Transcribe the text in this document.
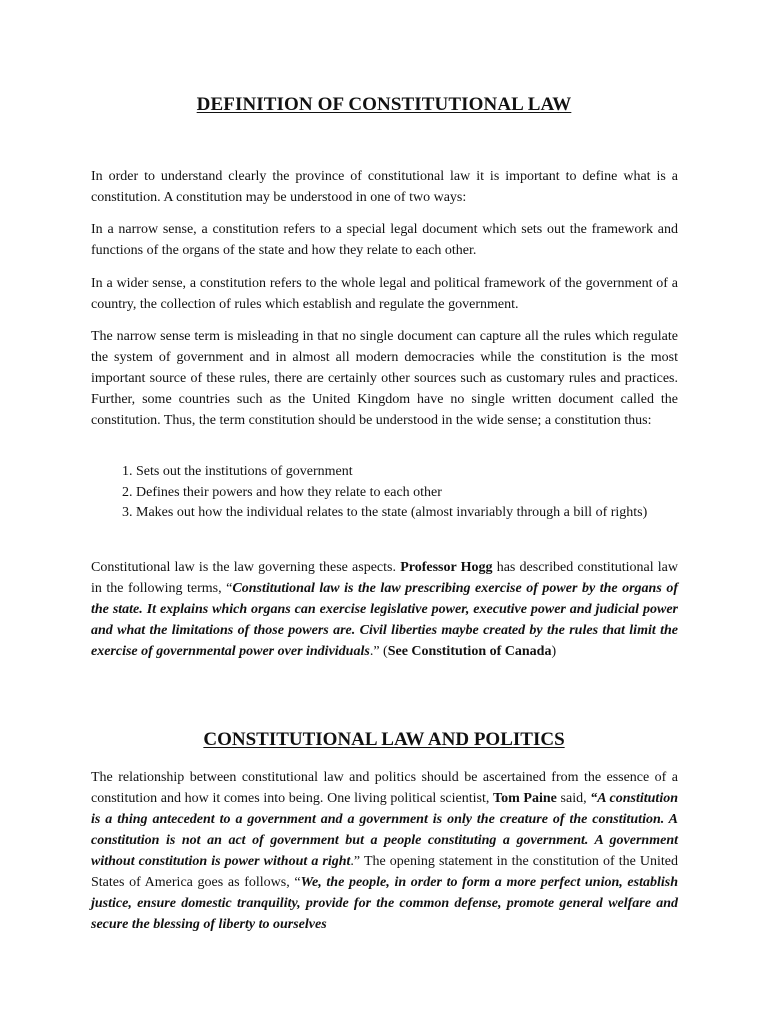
DEFINITION OF CONSTITUTIONAL LAW

In order to understand clearly the province of constitutional law it is important to define what is a constitution. A constitution may be understood in one of two ways:

In a narrow sense, a constitution refers to a special legal document which sets out the framework and functions of the organs of the state and how they relate to each other.

In a wider sense, a constitution refers to the whole legal and political framework of the government of a country, the collection of rules which establish and regulate the government.

The narrow sense term is misleading in that no single document can capture all the rules which regulate the system of government and in almost all modern democracies while the constitution is the most important source of these rules, there are certainly other sources such as customary rules and practices. Further, some countries such as the United Kingdom have no single written document called the constitution. Thus, the term constitution should be understood in the wide sense; a constitution thus:

1. Sets out the institutions of government
2. Defines their powers and how they relate to each other
3. Makes out how the individual relates to the state (almost invariably through a bill of rights)

Constitutional law is the law governing these aspects. Professor Hogg has described constitutional law in the following terms, “Constitutional law is the law prescribing exercise of power by the organs of the state. It explains which organs can exercise legislative power, executive power and judicial power and what the limitations of those powers are. Civil liberties maybe created by the rules that limit the exercise of governmental power over individuals.” (See Constitution of Canada)

CONSTITUTIONAL LAW AND POLITICS

The relationship between constitutional law and politics should be ascertained from the essence of a constitution and how it comes into being. One living political scientist, Tom Paine said, “A constitution is a thing antecedent to a government and a government is only the creature of the constitution. A constitution is not an act of government but a people constituting a government. A government without constitution is power without a right.” The opening statement in the constitution of the United States of America goes as follows, “We, the people, in order to form a more perfect union, establish justice, ensure domestic tranquility, provide for the common defense, promote general welfare and secure the blessing of liberty to ourselves
